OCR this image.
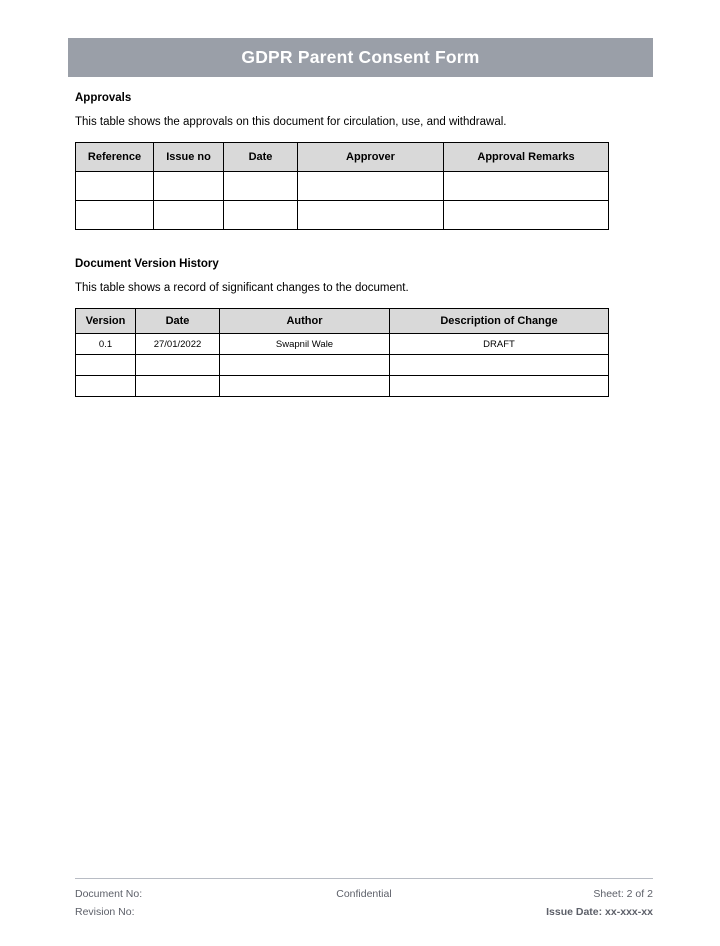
GDPR Parent Consent Form
Approvals
This table shows the approvals on this document for circulation, use, and withdrawal.
Reference	Issue no	Date	Approver	Approval Remarks

Document Version History
This table shows a record of significant changes to the document.
Version	Date	Author	Description of Change
0.1	27/01/2022	Swapnil Wale	DRAFT

Document No:	Confidential	Sheet: 2 of 2
Revision No:	Issue Date: xx-xxx-xx
